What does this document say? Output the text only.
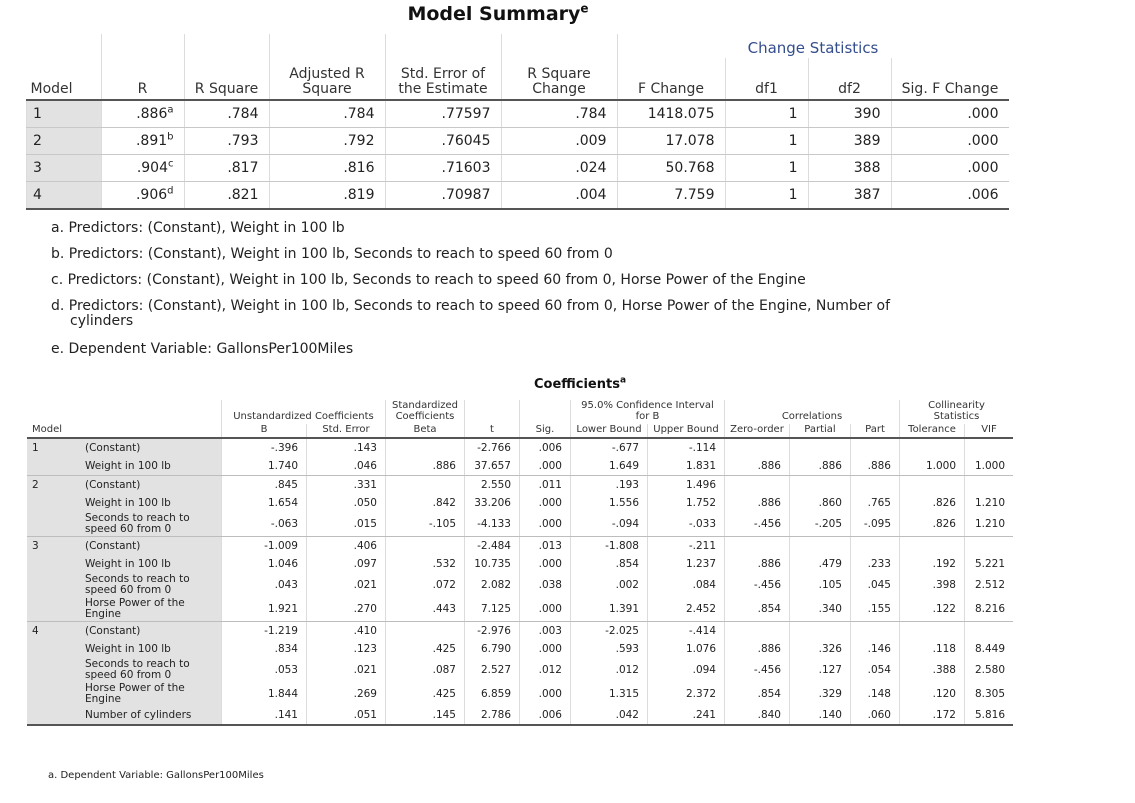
Model Summary$^e$
						Change Statistics			
Model	R	R Square	Adjusted R Square	Std. Error of the Estimate	R Square Change	F Change	df1	df2	Sig. F Change
1	.886$^a$	.784	.784	.77597	.784	1418.075	1	390	.000
2	.891$^b$	.793	.792	.76045	.009	17.078	1	389	.000
3	.904$^c$	.817	.816	.71603	.024	50.768	1	388	.000
4	.906$^d$	.821	.819	.70987	.004	7.759	1	387	.006
a. Predictors: (Constant), Weight in 100 lb
b. Predictors: (Constant), Weight in 100 lb, Seconds to reach to speed 60 from 0
c. Predictors: (Constant), Weight in 100 lb, Seconds to reach to speed 60 from 0, Horse Power of the Engine
d. Predictors: (Constant), Weight in 100 lb, Seconds to reach to speed 60 from 0, Horse Power of the Engine, Number of
cylinders
e. Dependent Variable: GallonsPer100Miles
Coefficients$^a$
		Unstandardized Coefficients		Standardized Coefficients			95.0% Confidence Interval for B		Correlations			Collinearity Statistics	
Model		B	Std. Error	Beta	t	Sig.	Lower Bound	Upper Bound	Zero-order	Partial	Part	Tolerance	VIF
1	(Constant)	-.396	.143		-2.766	.006	-.677	-.114					
	Weight in 100 lb	1.740	.046	.886	37.657	.000	1.649	1.831	.886	.886	.886	1.000	1.000
2	(Constant)	.845	.331		2.550	.011	.193	1.496					
	Weight in 100 lb	1.654	.050	.842	33.206	.000	1.556	1.752	.886	.860	.765	.826	1.210
	Seconds to reach to speed 60 from 0	-.063	.015	-.105	-4.133	.000	-.094	-.033	-.456	-.205	-.095	.826	1.210
3	(Constant)	-1.009	.406		-2.484	.013	-1.808	-.211					
	Weight in 100 lb	1.046	.097	.532	10.735	.000	.854	1.237	.886	.479	.233	.192	5.221
	Seconds to reach to speed 60 from 0	.043	.021	.072	2.082	.038	.002	.084	-.456	.105	.045	.398	2.512
	Horse Power of the Engine	1.921	.270	.443	7.125	.000	1.391	2.452	.854	.340	.155	.122	8.216
4	(Constant)	-1.219	.410		-2.976	.003	-2.025	-.414					
	Weight in 100 lb	.834	.123	.425	6.790	.000	.593	1.076	.886	.326	.146	.118	8.449
	Seconds to reach to speed 60 from 0	.053	.021	.087	2.527	.012	.012	.094	-.456	.127	.054	.388	2.580
	Horse Power of the Engine	1.844	.269	.425	6.859	.000	1.315	2.372	.854	.329	.148	.120	8.305
	Number of cylinders	.141	.051	.145	2.786	.006	.042	.241	.840	.140	.060	.172	5.816
a. Dependent Variable: GallonsPer100Miles
